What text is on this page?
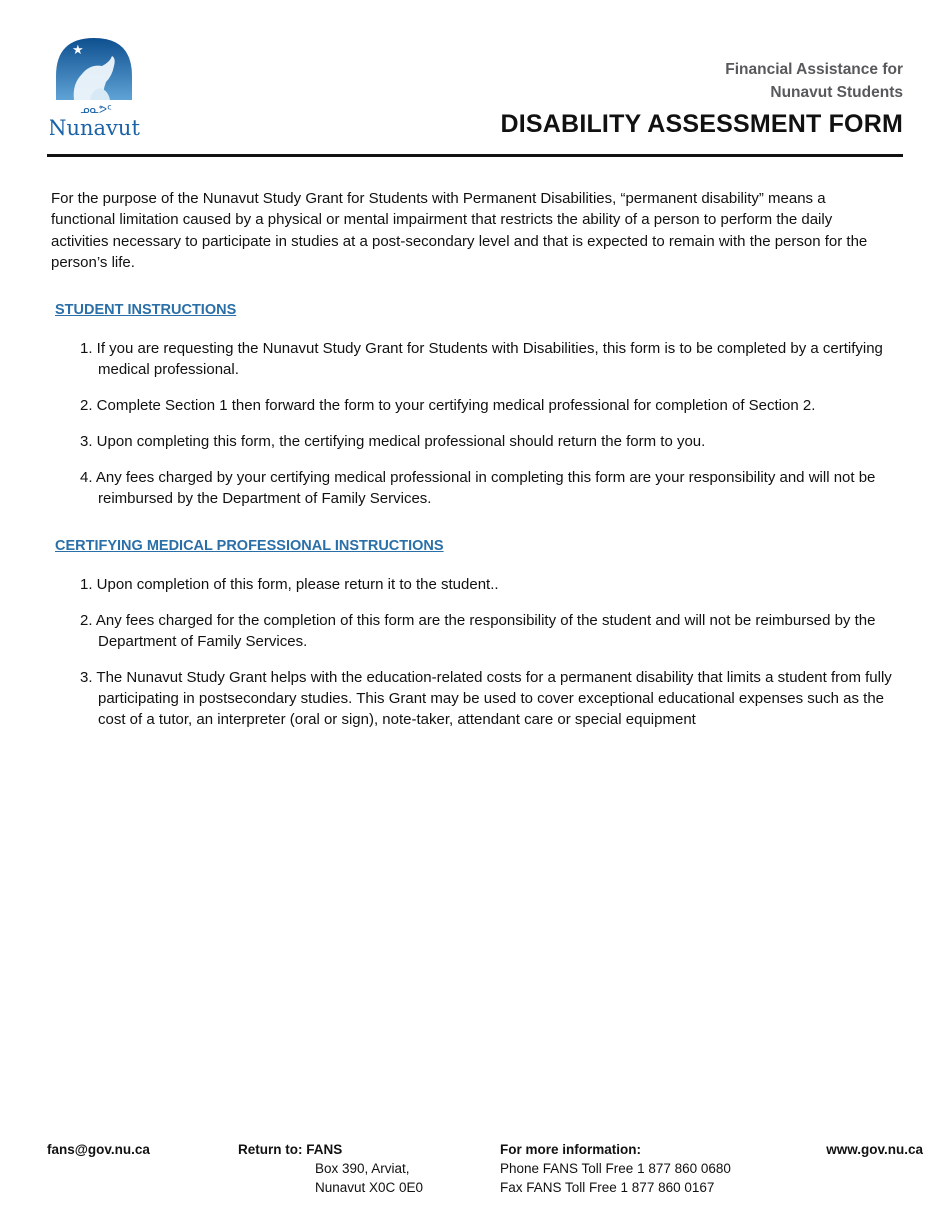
★
ᓄᓇᕗᑦ
Nunavut
Financial Assistance for
Nunavut Students
DISABILITY ASSESSMENT FORM

For the purpose of the Nunavut Study Grant for Students with Permanent Disabilities, “permanent disability” means a functional limitation caused by a physical or mental impairment that restricts the ability of a person to perform the daily activities necessary to participate in studies at a post-secondary level and that is expected to remain with the person for the person’s life.

STUDENT INSTRUCTIONS
1. If you are requesting the Nunavut Study Grant for Students with Disabilities, this form is to be completed by a certifying medical professional.
2. Complete Section 1 then forward the form to your certifying medical professional for completion of Section 2.
3. Upon completing this form, the certifying medical professional should return the form to you.
4. Any fees charged by your certifying medical professional in completing this form are your responsibility and will not be reimbursed by the Department of Family Services.
CERTIFYING MEDICAL PROFESSIONAL INSTRUCTIONS
1. Upon completion of this form, please return it to the student..
2. Any fees charged for the completion of this form are the responsibility of the student and will not be reimbursed by the Department of Family Services.
3. The Nunavut Study Grant helps with the education-related costs for a permanent disability that limits a student from fully participating in postsecondary studies. This Grant may be used to cover exceptional educational expenses such as the cost of a tutor, an interpreter (oral or sign), note-taker, attendant care or special equipment
fans@gov.nu.ca	Return to: FANS
Box 390, Arviat,
Nunavut X0C 0E0
For more information:
Phone FANS Toll Free 1 877 860 0680
Fax FANS Toll Free 1 877 860 0167
www.gov.nu.ca
